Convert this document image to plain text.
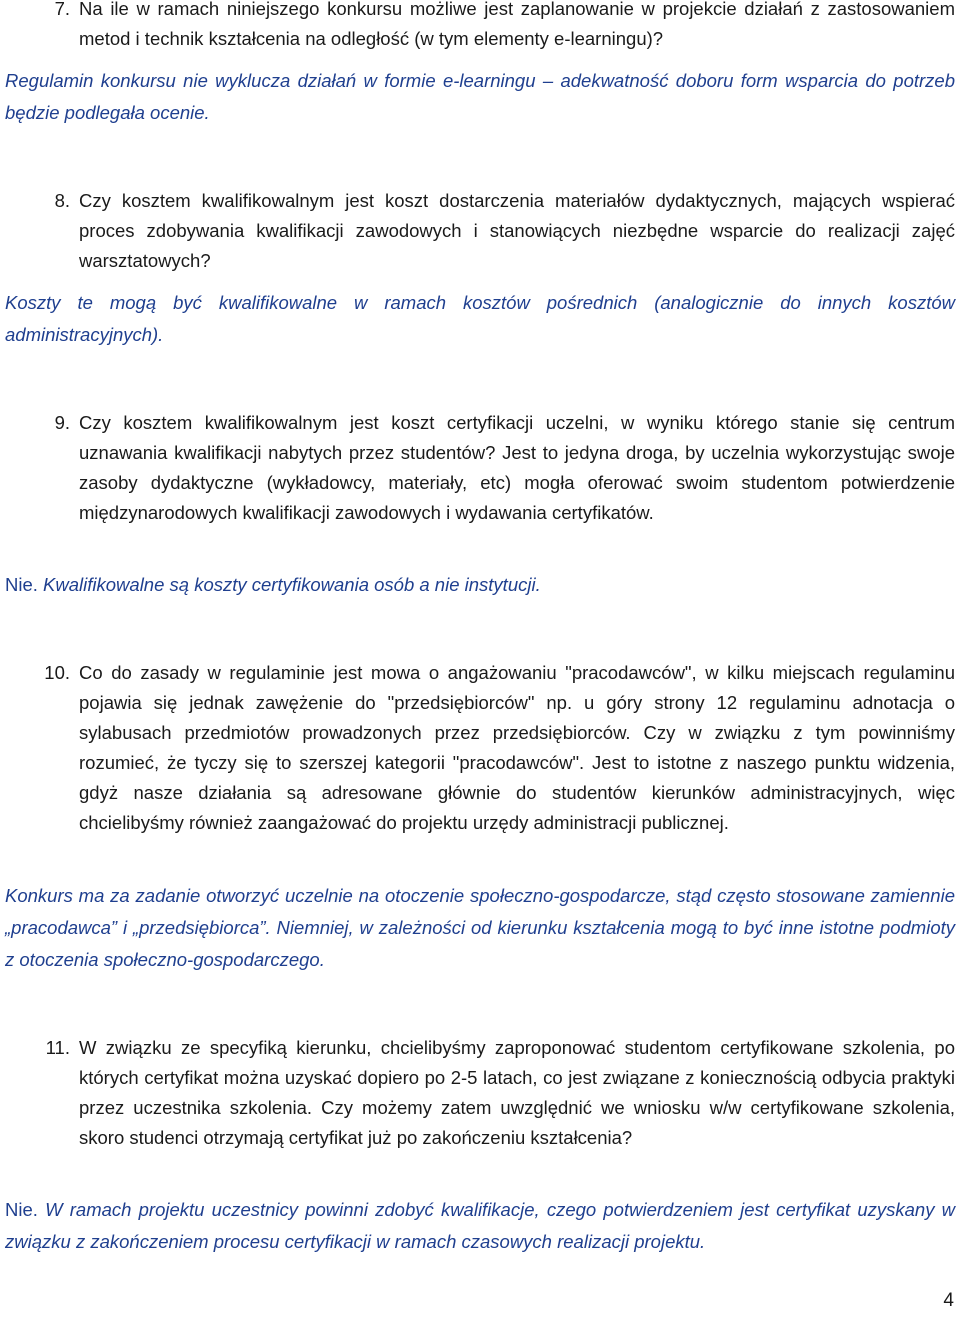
7. Na ile w ramach niniejszego konkursu możliwe jest zaplanowanie w projekcie działań z zastosowaniem metod i technik kształcenia na odległość (w tym elementy e-learningu)?
Regulamin konkursu nie wyklucza działań w formie e-learningu – adekwatność doboru form wsparcia do potrzeb będzie podlegała ocenie.
8. Czy kosztem kwalifikowalnym jest koszt dostarczenia materiałów dydaktycznych, mających wspierać proces zdobywania kwalifikacji zawodowych i stanowiących niezbędne wsparcie do realizacji zajęć warsztatowych?
Koszty te mogą być kwalifikowalne w ramach kosztów pośrednich (analogicznie do innych kosztów administracyjnych).
9. Czy kosztem kwalifikowalnym jest koszt certyfikacji uczelni, w wyniku którego stanie się centrum uznawania kwalifikacji nabytych przez studentów? Jest to jedyna droga, by uczelnia wykorzystując swoje zasoby dydaktyczne (wykładowcy, materiały, etc) mogła oferować swoim studentom potwierdzenie międzynarodowych kwalifikacji zawodowych i wydawania certyfikatów.
Nie. Kwalifikowalne są koszty certyfikowania osób a nie instytucji.
10. Co do zasady w regulaminie jest mowa o angażowaniu "pracodawców", w kilku miejscach regulaminu pojawia się jednak zawężenie do "przedsiębiorców" np. u góry strony 12 regulaminu adnotacja o sylabusach przedmiotów prowadzonych przez przedsiębiorców. Czy w związku z tym powinniśmy rozumieć, że tyczy się to szerszej kategorii "pracodawców". Jest to istotne z naszego punktu widzenia, gdyż nasze działania są adresowane głównie do studentów kierunków administracyjnych, więc chcielibyśmy również zaangażować do projektu urzędy administracji publicznej.
Konkurs ma za zadanie otworzyć uczelnie na otoczenie społeczno-gospodarcze, stąd często stosowane zamiennie „pracodawca” i „przedsiębiorca”. Niemniej, w zależności od kierunku kształcenia mogą to być inne istotne podmioty z otoczenia społeczno-gospodarczego.
11. W związku ze specyfiką kierunku, chcielibyśmy zaproponować studentom certyfikowane szkolenia, po których certyfikat można uzyskać dopiero po 2-5 latach, co jest związane z koniecznością odbycia praktyki przez uczestnika szkolenia. Czy możemy zatem uwzględnić we wniosku w/w certyfikowane szkolenia, skoro studenci otrzymają certyfikat już po zakończeniu kształcenia?
Nie. W ramach projektu uczestnicy powinni zdobyć kwalifikacje, czego potwierdzeniem jest certyfikat uzyskany w związku z zakończeniem procesu certyfikacji w ramach czasowych realizacji projektu.
4
